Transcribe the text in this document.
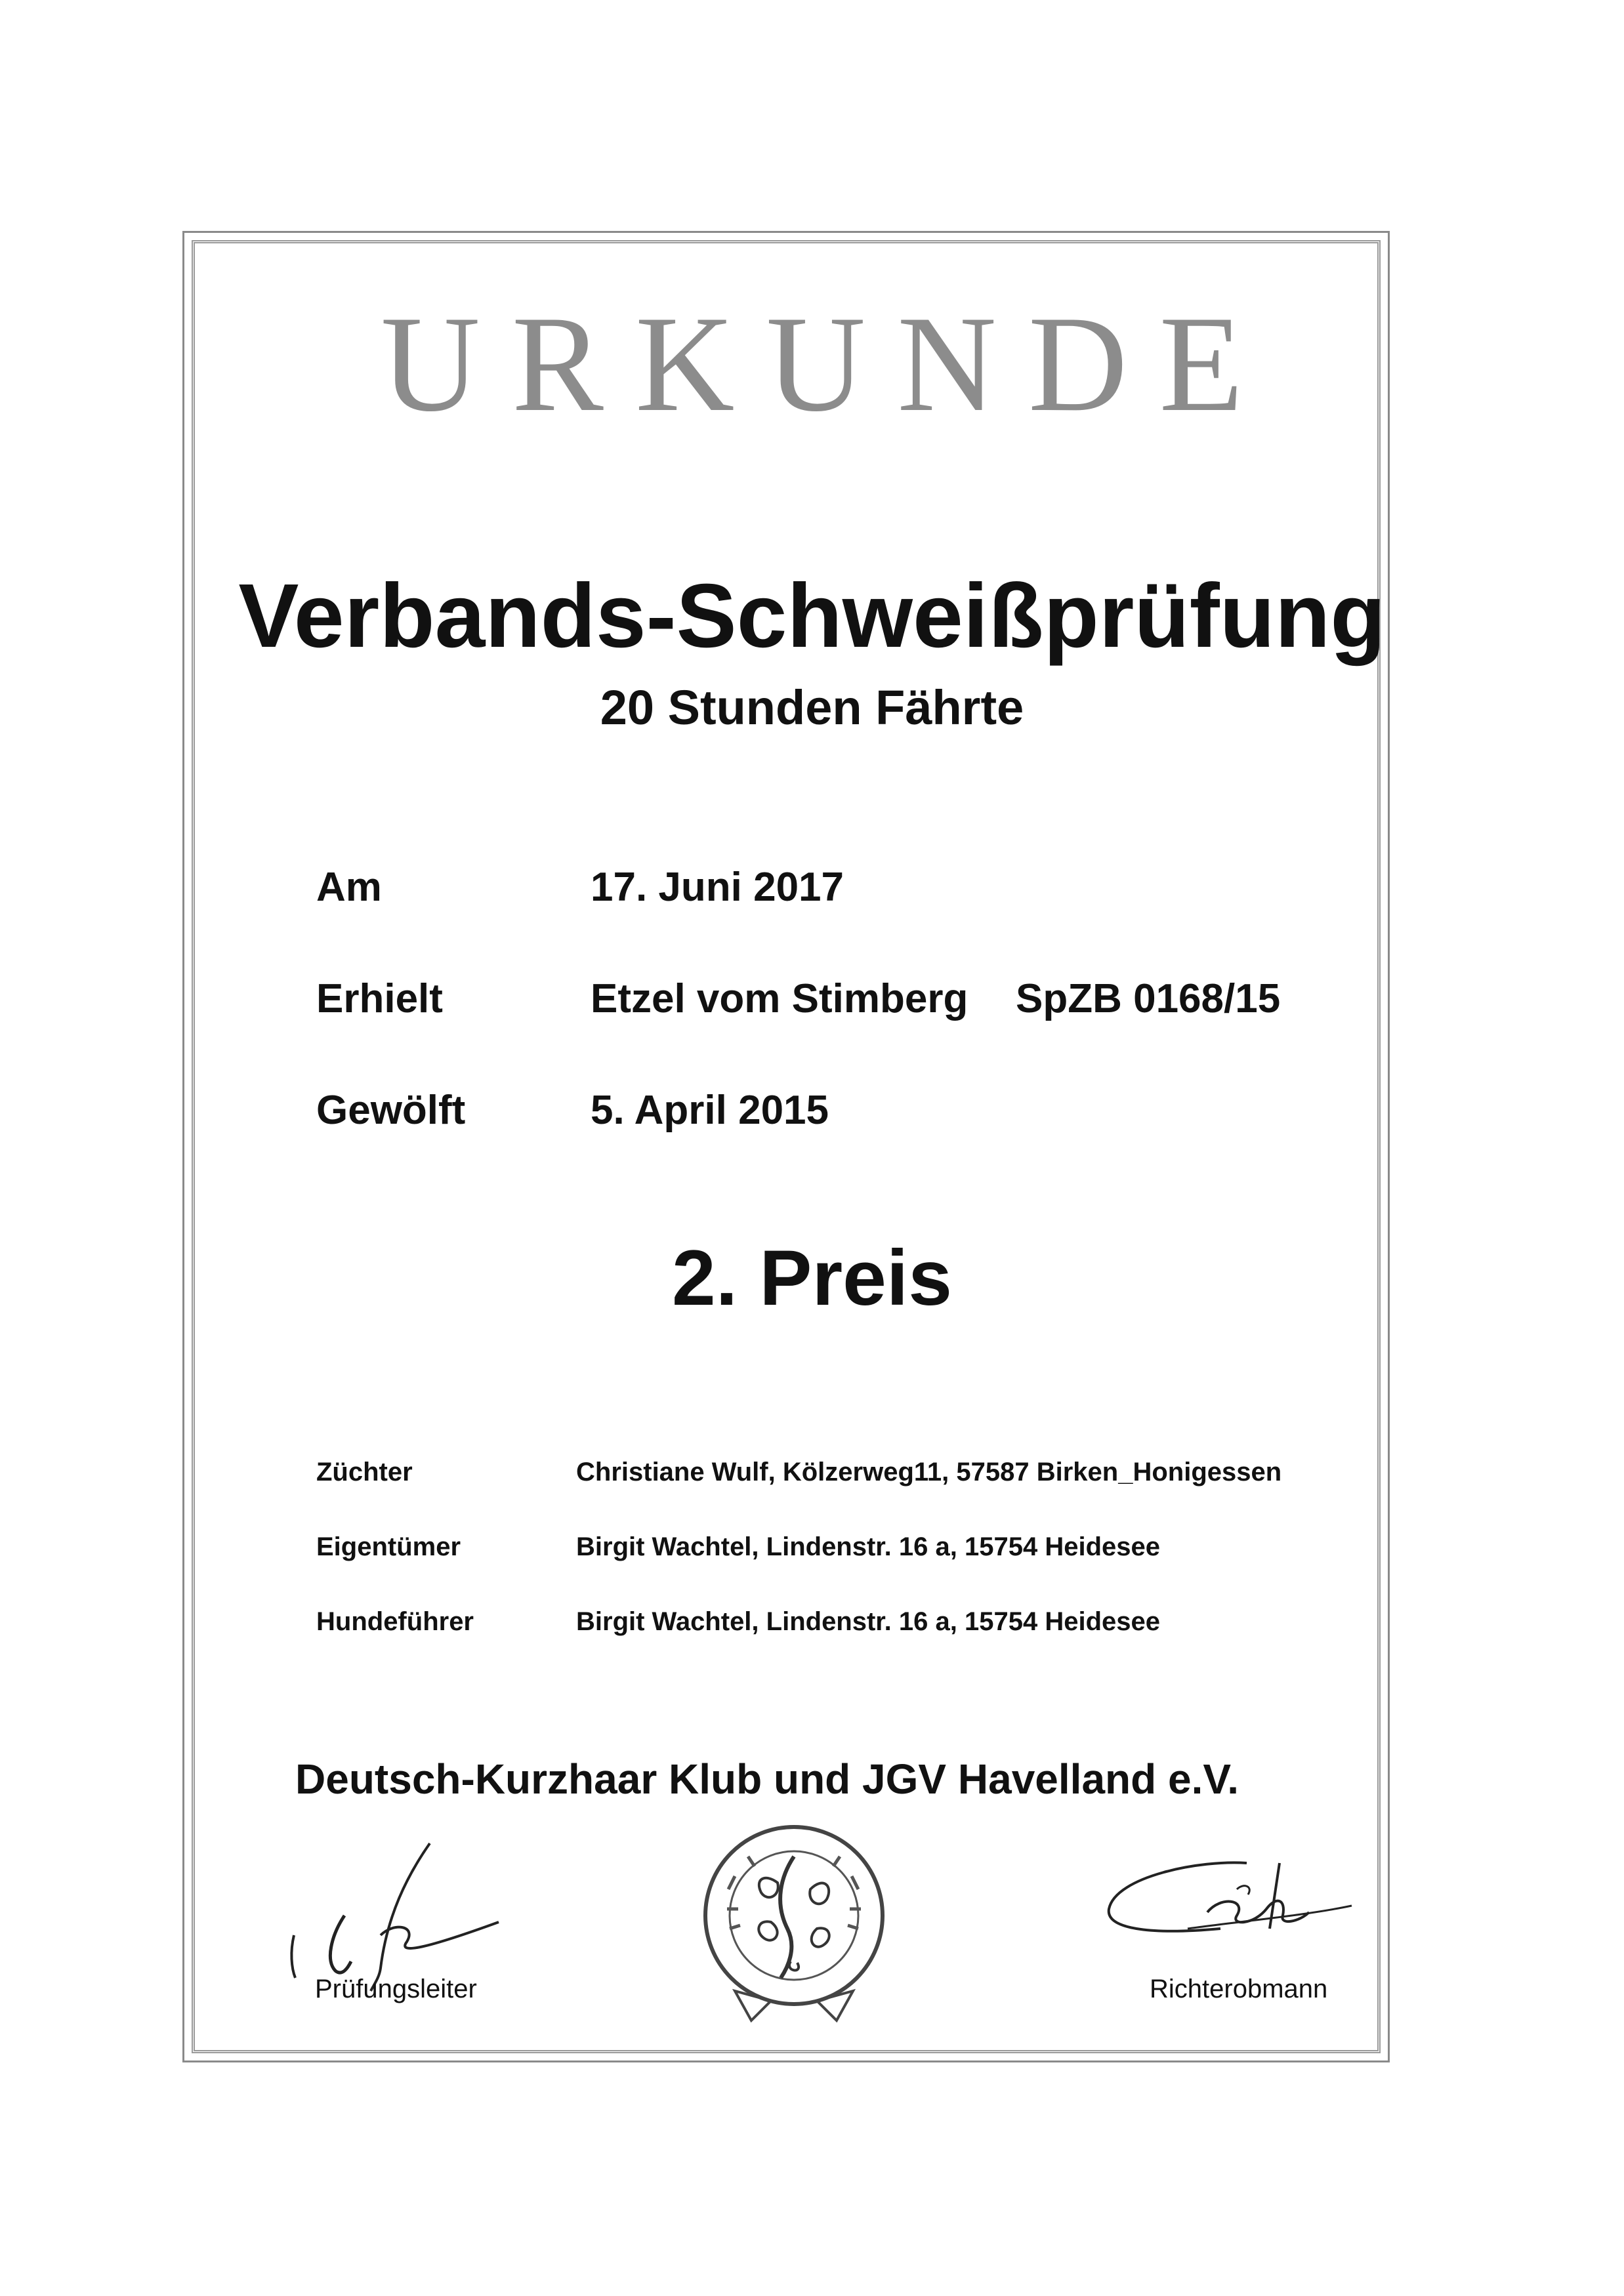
URKUNDE
Verbands-Schweißprüfung
20 Stunden Fährte
Am	17. Juni 2017
Erhielt	Etzel vom Stimberg SpZB 0168/15
Gewölft	5. April 2015
2. Preis
Züchter	Christiane Wulf, Kölzerweg11, 57587 Birken_Honigessen
Eigentümer	Birgit Wachtel, Lindenstr. 16 a, 15754 Heidesee
Hundeführer	Birgit Wachtel, Lindenstr. 16 a, 15754 Heidesee
Deutsch-Kurzhaar Klub und JGV Havelland e.V.
Prüfungsleiter	Richterobmann
